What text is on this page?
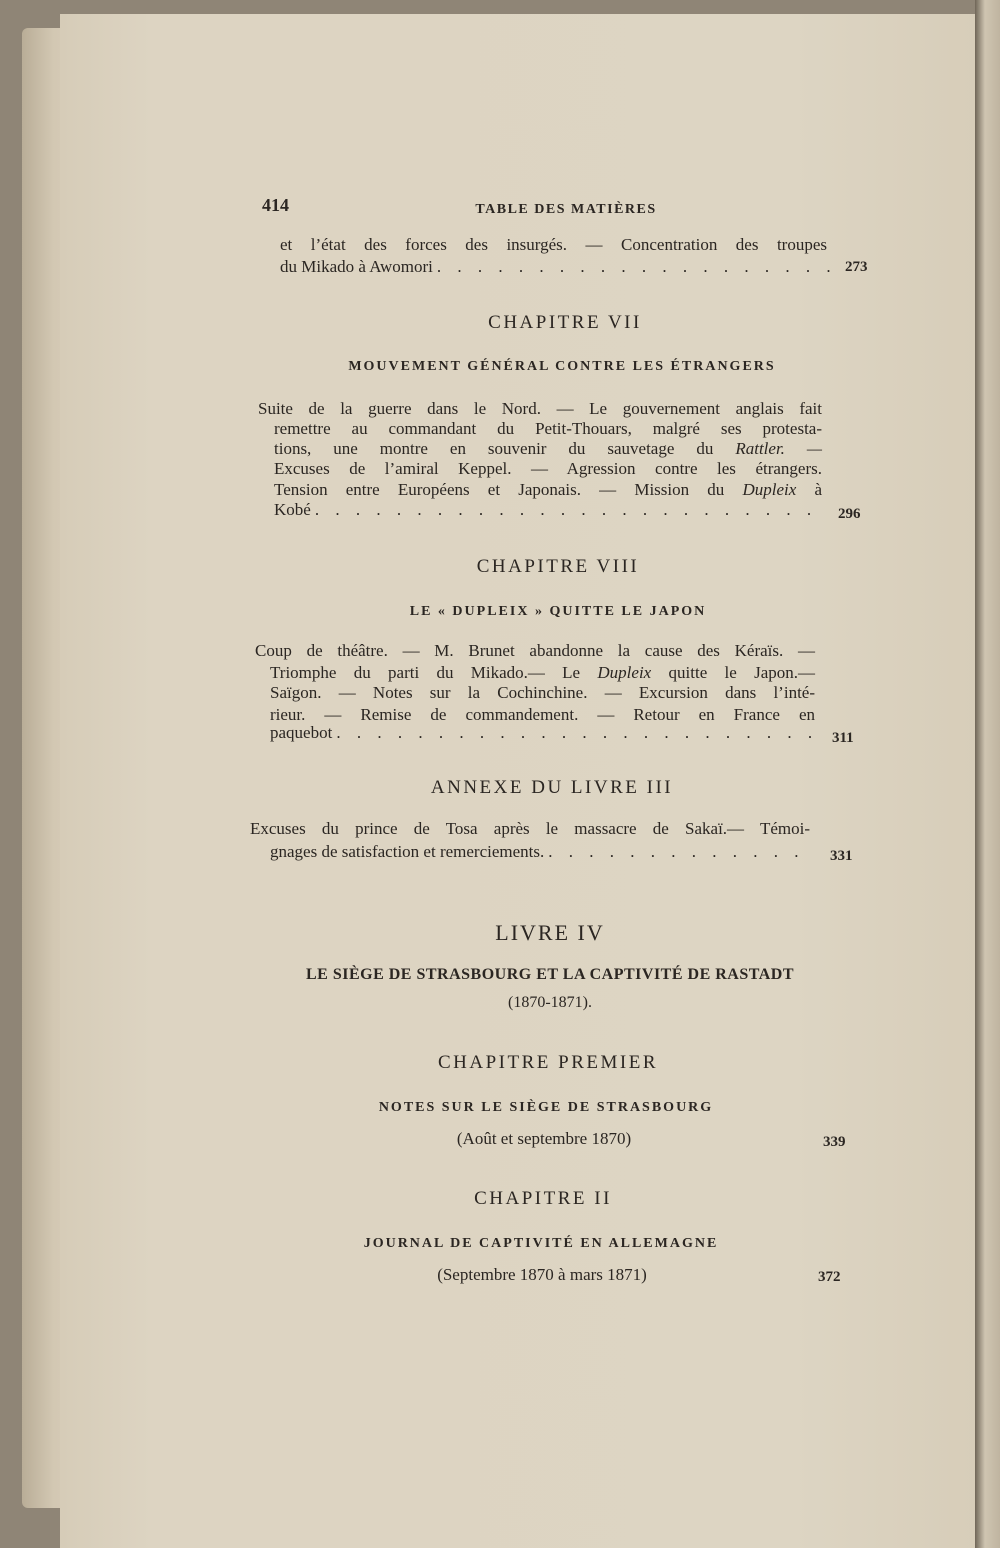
414	TABLE DES MATIÈRES
et l’état des forces des insurgés. — Concentration des troupes
du Mikado à Awomori . . .	273
CHAPITRE VII
MOUVEMENT GÉNÉRAL CONTRE LES ÉTRANGERS
Suite de la guerre dans le Nord. — Le gouvernement anglais fait
remettre au commandant du Petit-Thouars, malgré ses protesta-
tions, une montre en souvenir du sauvetage du Rattler. —
Excuses de l’amiral Keppel. — Agression contre les étrangers.
Tension entre Européens et Japonais. — Mission du Dupleix à
Kobé . . .	296
CHAPITRE VIII
LE « DUPLEIX » QUITTE LE JAPON
Coup de théâtre. — M. Brunet abandonne la cause des Kéraïs. —
Triomphe du parti du Mikado.— Le Dupleix quitte le Japon.—
Saïgon. — Notes sur la Cochinchine. — Excursion dans l’inté-
rieur. — Remise de commandement. — Retour en France en
paquebot . . .	311
ANNEXE DU LIVRE III
Excuses du prince de Tosa après le massacre de Sakaï.— Témoi-
gnages de satisfaction et remerciements. . . .	331
LIVRE IV
LE SIÈGE DE STRASBOURG ET LA CAPTIVITÉ DE RASTADT
(1870-1871).
CHAPITRE PREMIER
NOTES SUR LE SIÈGE DE STRASBOURG
(Août et septembre 1870)	339
CHAPITRE II
JOURNAL DE CAPTIVITÉ EN ALLEMAGNE
(Septembre 1870 à mars 1871)	372
